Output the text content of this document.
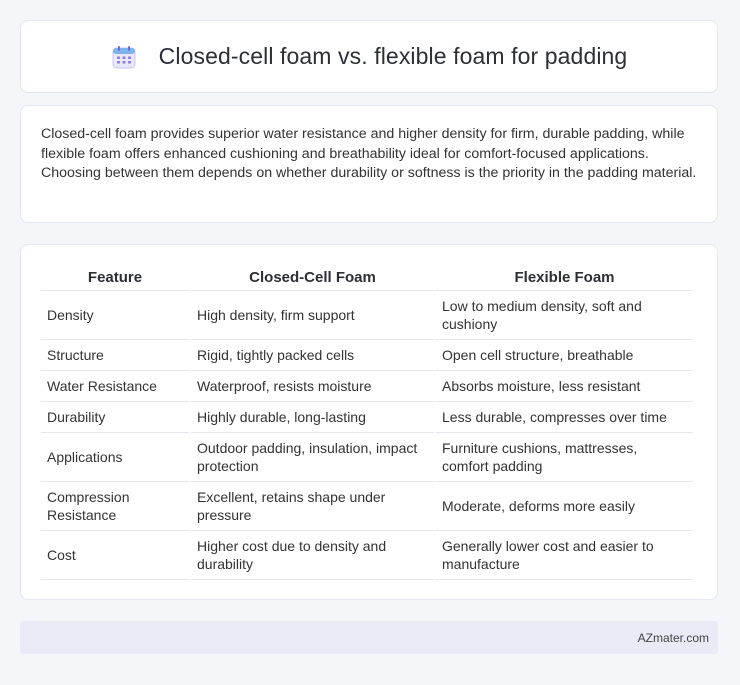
Closed-cell foam vs. flexible foam for padding

Closed-cell foam provides superior water resistance and higher density for firm, durable padding, while flexible foam offers enhanced cushioning and breathability ideal for comfort-focused applications. Choosing between them depends on whether durability or softness is the priority in the padding material.

Feature	Closed-Cell Foam	Flexible Foam
Density	High density, firm support	Low to medium density, soft and cushiony
Structure	Rigid, tightly packed cells	Open cell structure, breathable
Water Resistance	Waterproof, resists moisture	Absorbs moisture, less resistant
Durability	Highly durable, long-lasting	Less durable, compresses over time
Applications	Outdoor padding, insulation, impact protection	Furniture cushions, mattresses, comfort padding
Compression Resistance	Excellent, retains shape under pressure	Moderate, deforms more easily
Cost	Higher cost due to density and durability	Generally lower cost and easier to manufacture
AZmater.com
